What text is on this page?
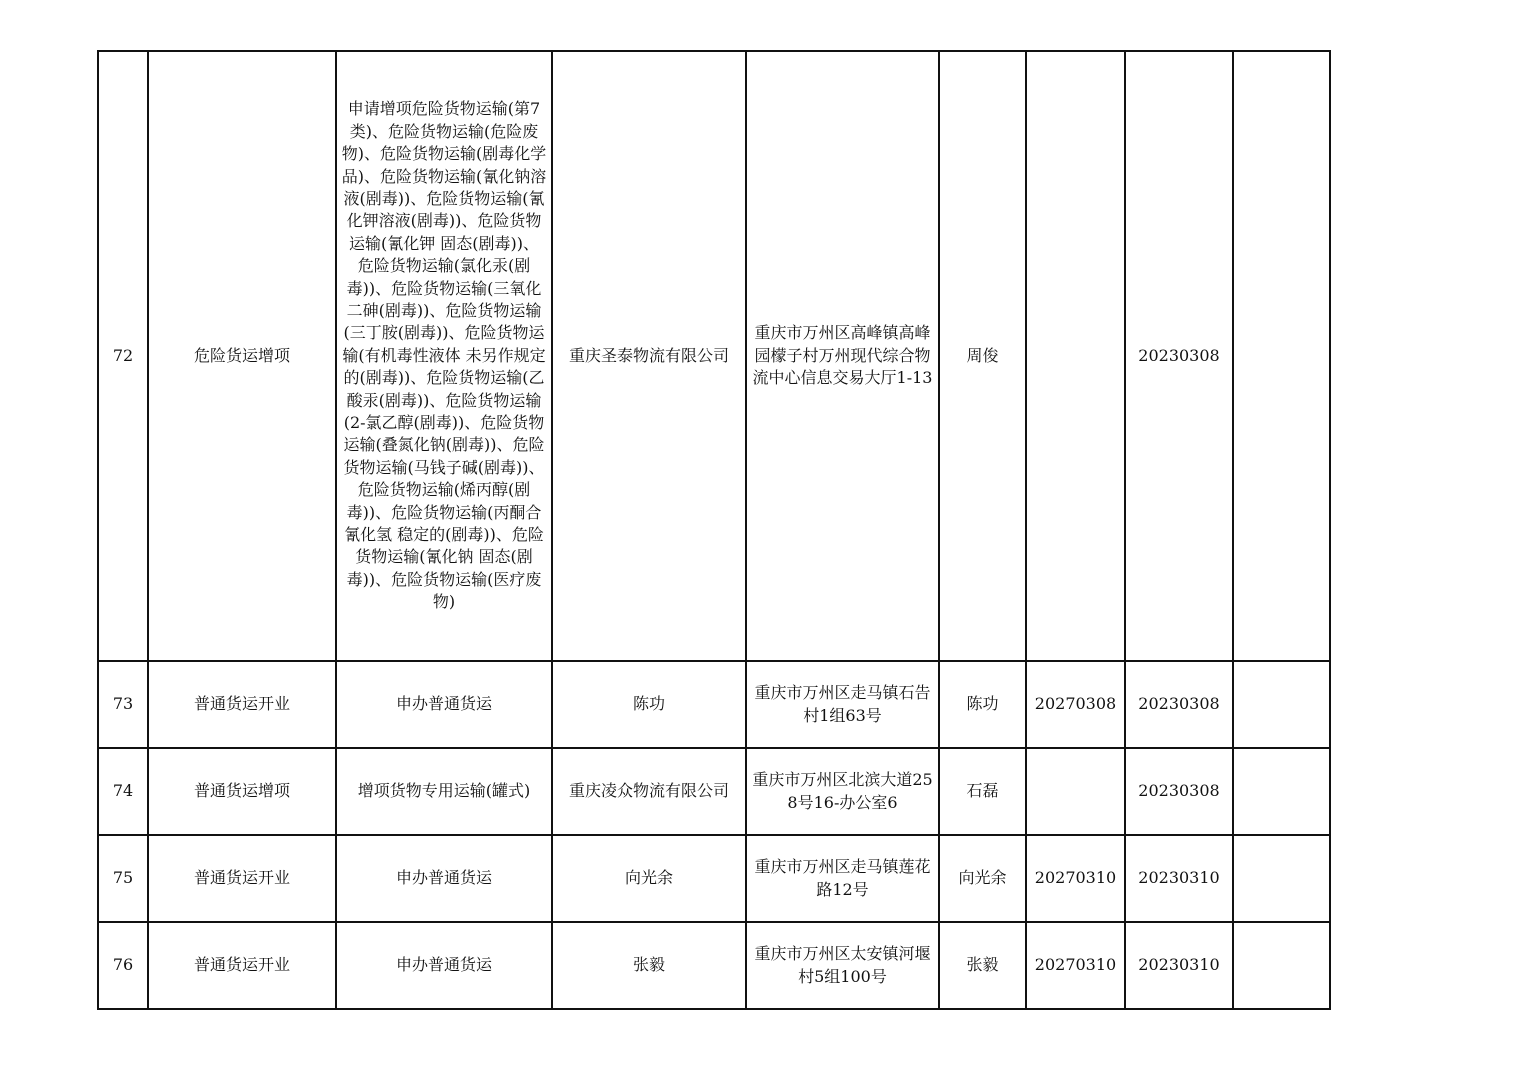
72	危险货运增项	申请增项危险货物运输(第7类)、危险货物运输(危险废物)、危险货物运输(剧毒化学品)、危险货物运输(氰化钠溶液(剧毒))、危险货物运输(氰化钾溶液(剧毒))、危险货物运输(氰化钾 固态(剧毒))、危险货物运输(氯化汞(剧毒))、危险货物运输(三氧化二砷(剧毒))、危险货物运输(三丁胺(剧毒))、危险货物运输(有机毒性液体 未另作规定的(剧毒))、危险货物运输(乙酸汞(剧毒))、危险货物运输(2-氯乙醇(剧毒))、危险货物运输(叠氮化钠(剧毒))、危险货物运输(马钱子碱(剧毒))、危险货物运输(烯丙醇(剧毒))、危险货物运输(丙酮合氰化氢 稳定的(剧毒))、危险货物运输(氰化钠 固态(剧毒))、危险货物运输(医疗废物)	重庆圣泰物流有限公司	重庆市万州区高峰镇高峰园檬子村万州现代综合物流中心信息交易大厅1-13	周俊		20230308	
73	普通货运开业	申办普通货运	陈功	重庆市万州区走马镇石告村1组63号	陈功	20270308	20230308	
74	普通货运增项	增项货物专用运输(罐式)	重庆凌众物流有限公司	重庆市万州区北滨大道258号16-办公室6	石磊		20230308	
75	普通货运开业	申办普通货运	向光余	重庆市万州区走马镇莲花路12号	向光余	20270310	20230310	
76	普通货运开业	申办普通货运	张毅	重庆市万州区太安镇河堰村5组100号	张毅	20270310	20230310	
